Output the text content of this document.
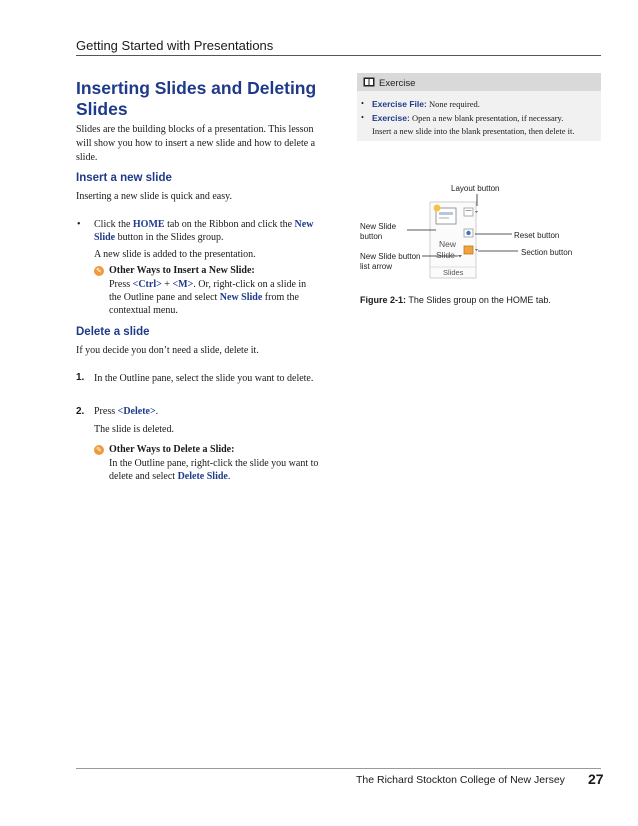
Getting Started with Presentations
Inserting Slides and Deleting Slides
Slides are the building blocks of a presentation. This lesson will show you how to insert a new slide and how to delete a slide.
Insert a new slide
Inserting a new slide is quick and easy.
• Click the HOME tab on the Ribbon and click the New Slide button in the Slides group.
A new slide is added to the presentation.
✎ Other Ways to Insert a New Slide:
Press <Ctrl> + <M>. Or, right-click on a slide in the Outline pane and select New Slide from the contextual menu.
Delete a slide
If you decide you don’t need a slide, delete it.
1. In the Outline pane, select the slide you want to delete.
2. Press <Delete>.
The slide is deleted.
✎ Other Ways to Delete a Slide:
In the Outline pane, right-click the slide you want to delete and select Delete Slide.
Exercise
• Exercise File: None required.
• Exercise: Open a new blank presentation, if necessary.
Insert a new slide into the blank presentation, then delete it.
Layout button
New Slide
button
New Slide button
list arrow
Reset button
Section button
New
Slide
Slides
Figure 2-1: The Slides group on the HOME tab.
The Richard Stockton College of New Jersey 27
